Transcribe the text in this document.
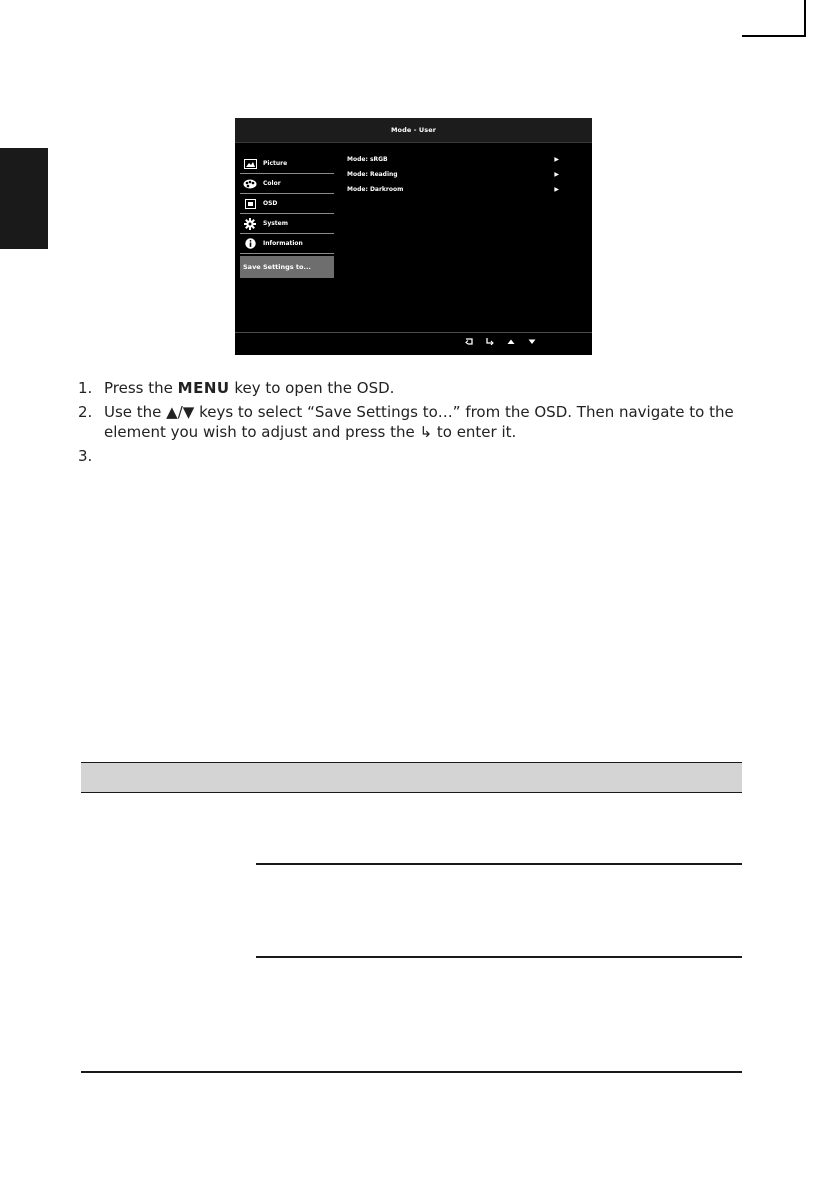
Mode - User
Picture
Color
OSD
System
Information
Save Settings to...
Mode: sRGB	▶
Mode: Reading	▶
Mode: Darkroom	▶
1. Press the MENU key to open the OSD.
2. Use the ▲/▼ keys to select “Save Settings to…” from the OSD. Then navigate to the element you wish to adjust and press the ↳ to enter it.
3.
